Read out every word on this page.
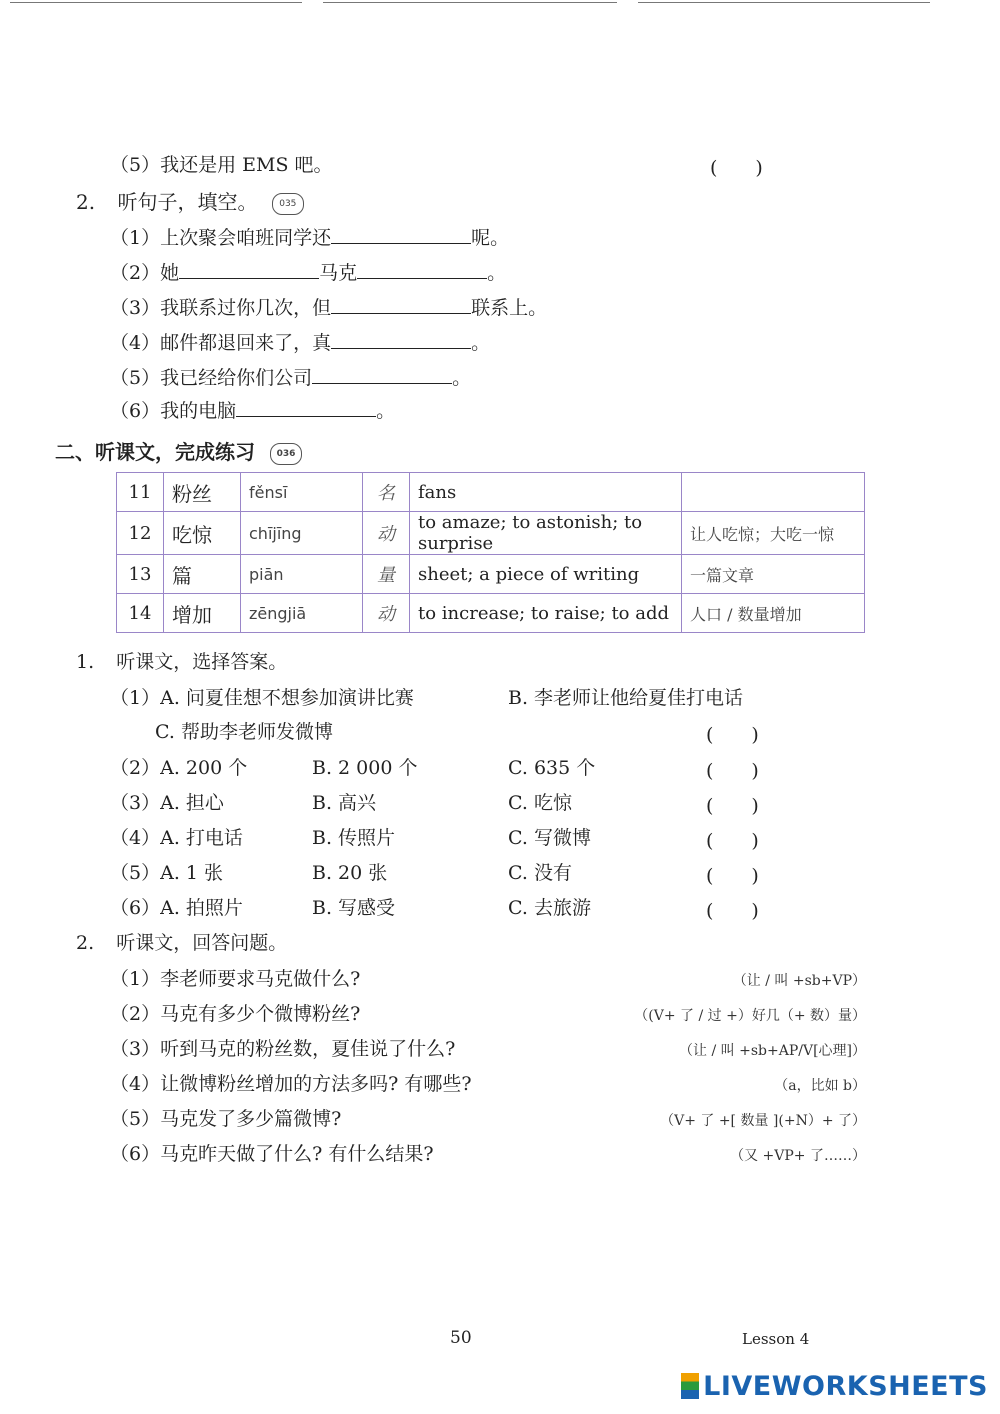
（5）我还是用 EMS 吧。	(　　)
2. 听句子，填空。 035
（1）上次聚会咱班同学还	呢。
（2）她	马克	。
（3）我联系过你几次，但	联系上。
（4）邮件都退回来了，真	。
（5）我已经给你们公司	。
（6）我的电脑	。
二、听课文，完成练习 036
11	粉丝	fěnsī	名	fans	
12	吃惊	chījīng	动	to amaze; to astonish; to surprise	让人吃惊；大吃一惊
13	篇	piān	量	sheet; a piece of writing	一篇文章
14	增加	zēngjiā	动	to increase; to raise; to add	人口 / 数量增加
1. 听课文，选择答案。
（1）A. 问夏佳想不想参加演讲比赛	B. 李老师让他给夏佳打电话
C. 帮助李老师发微博	(　　)
（2）A. 200 个	B. 2 000 个	C. 635 个	(　　)
（3）A. 担心	B. 高兴	C. 吃惊	(　　)
（4）A. 打电话	B. 传照片	C. 写微博	(　　)
（5）A. 1 张	B. 20 张	C. 没有	(　　)
（6）A. 拍照片	B. 写感受	C. 去旅游	(　　)
2. 听课文，回答问题。
（1）李老师要求马克做什么?	（让 / 叫 +sb+VP）
（2）马克有多少个微博粉丝?	（(V+ 了 / 过 +）好几（+ 数）量）
（3）听到马克的粉丝数，夏佳说了什么?	（让 / 叫 +sb+AP/V[心理]）
（4）让微博粉丝增加的方法多吗? 有哪些?	（a，比如 b）
（5）马克发了多少篇微博?	（V+ 了 +[ 数量 ](+N）+ 了）
（6）马克昨天做了什么? 有什么结果?	（又 +VP+ 了……）
50	Lesson 4
LIVEWORKSHEETS
